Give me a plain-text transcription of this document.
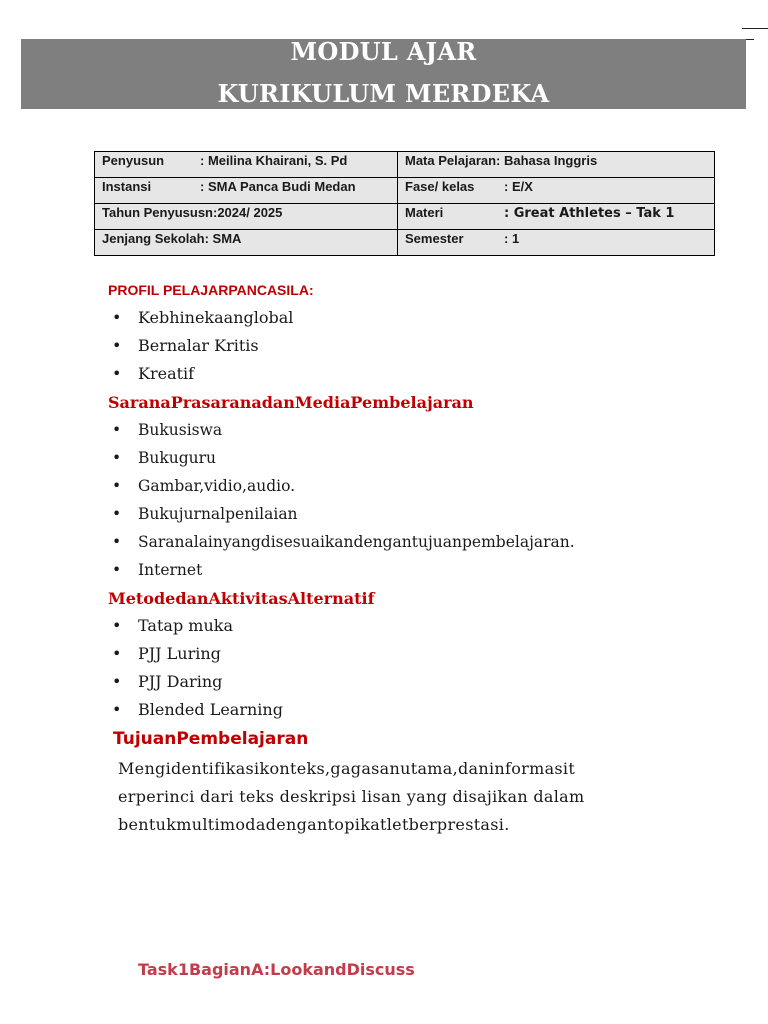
MODUL AJAR
KURIKULUM MERDEKA
Penyusun : Meilina Khairani, S. Pd	Mata Pelajaran: Bahasa Inggris
Instansi : SMA Panca Budi Medan	Fase/ kelas : E/X
Tahun Penyususn:2024/ 2025	Materi : Great Athletes – Tak 1
Jenjang Sekolah: SMA	Semester : 1
PROFIL PELAJARPANCASILA:
• Kebhinekaanglobal
• Bernalar Kritis
• Kreatif
SaranaPrasaranadanMediaPembelajaran
• Bukusiswa
• Bukuguru
• Gambar,vidio,audio.
• Bukujurnalpenilaian
• Saranalainyangdisesuaikandengantujuanpembelajaran.
• Internet
MetodedanAktivitasAlternatif
• Tatap muka
• PJJ Luring
• PJJ Daring
• Blended Learning
TujuanPembelajaran
Mengidentifikasikonteks,gagasanutama,daninformasit
erperinci dari teks deskripsi lisan yang disajikan dalam
bentukmultimodadengantopikatletberprestasi.
Task1BagianA:LookandDiscuss
